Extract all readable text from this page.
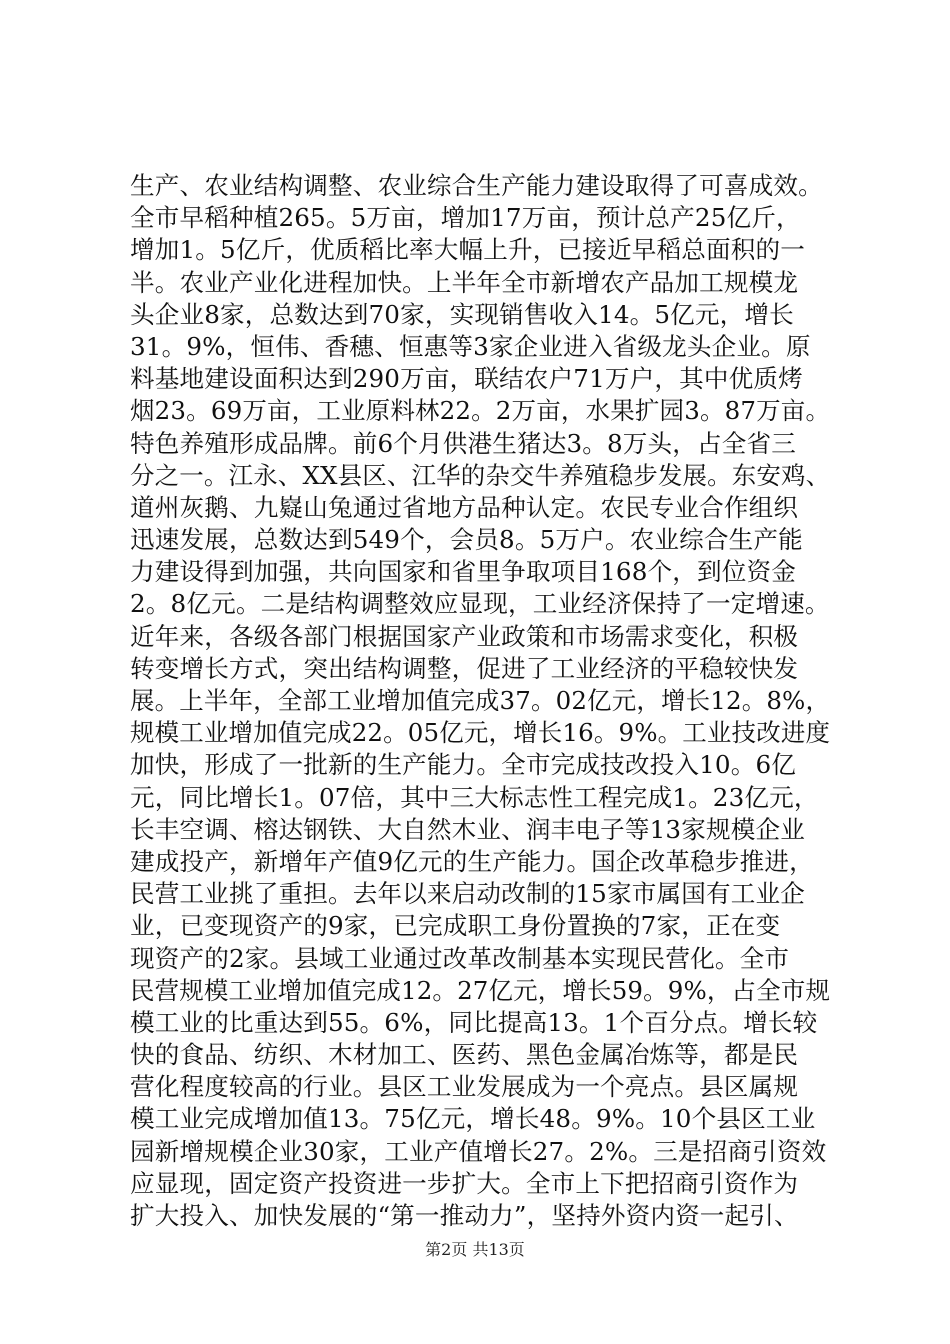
生产、农业结构调整、农业综合生产能力建设取得了可喜成效。
全市早稻种植265。5万亩，增加17万亩，预计总产25亿斤，
增加1。5亿斤，优质稻比率大幅上升，已接近早稻总面积的一
半。农业产业化进程加快。上半年全市新增农产品加工规模龙
头企业8家，总数达到70家，实现销售收入14。5亿元，增长
31。9%，恒伟、香穗、恒惠等3家企业进入省级龙头企业。原
料基地建设面积达到290万亩，联结农户71万户，其中优质烤
烟23。69万亩，工业原料林22。2万亩，水果扩园3。87万亩。
特色养殖形成品牌。前6个月供港生猪达3。8万头，占全省三
分之一。江永、XX县区、江华的杂交牛养殖稳步发展。东安鸡、
道州灰鹅、九嶷山兔通过省地方品种认定。农民专业合作组织
迅速发展，总数达到549个，会员8。5万户。农业综合生产能
力建设得到加强，共向国家和省里争取项目168个，到位资金
2。8亿元。二是结构调整效应显现，工业经济保持了一定增速。
近年来，各级各部门根据国家产业政策和市场需求变化，积极
转变增长方式，突出结构调整，促进了工业经济的平稳较快发
展。上半年，全部工业增加值完成37。02亿元，增长12。8%，
规模工业增加值完成22。05亿元，增长16。9%。工业技改进度
加快，形成了一批新的生产能力。全市完成技改投入10。6亿
元，同比增长1。07倍，其中三大标志性工程完成1。23亿元，
长丰空调、榕达钢铁、大自然木业、润丰电子等13家规模企业
建成投产，新增年产值9亿元的生产能力。国企改革稳步推进，
民营工业挑了重担。去年以来启动改制的15家市属国有工业企
业，已变现资产的9家，已完成职工身份置换的7家，正在变
现资产的2家。县域工业通过改革改制基本实现民营化。全市
民营规模工业增加值完成12。27亿元，增长59。9%，占全市规
模工业的比重达到55。6%，同比提高13。1个百分点。增长较
快的食品、纺织、木材加工、医药、黑色金属冶炼等，都是民
营化程度较高的行业。县区工业发展成为一个亮点。县区属规
模工业完成增加值13。75亿元，增长48。9%。10个县区工业
园新增规模企业30家，工业产值增长27。2%。三是招商引资效
应显现，固定资产投资进一步扩大。全市上下把招商引资作为
扩大投入、加快发展的“第一推动力”，坚持外资内资一起引、
第2页 共13页
